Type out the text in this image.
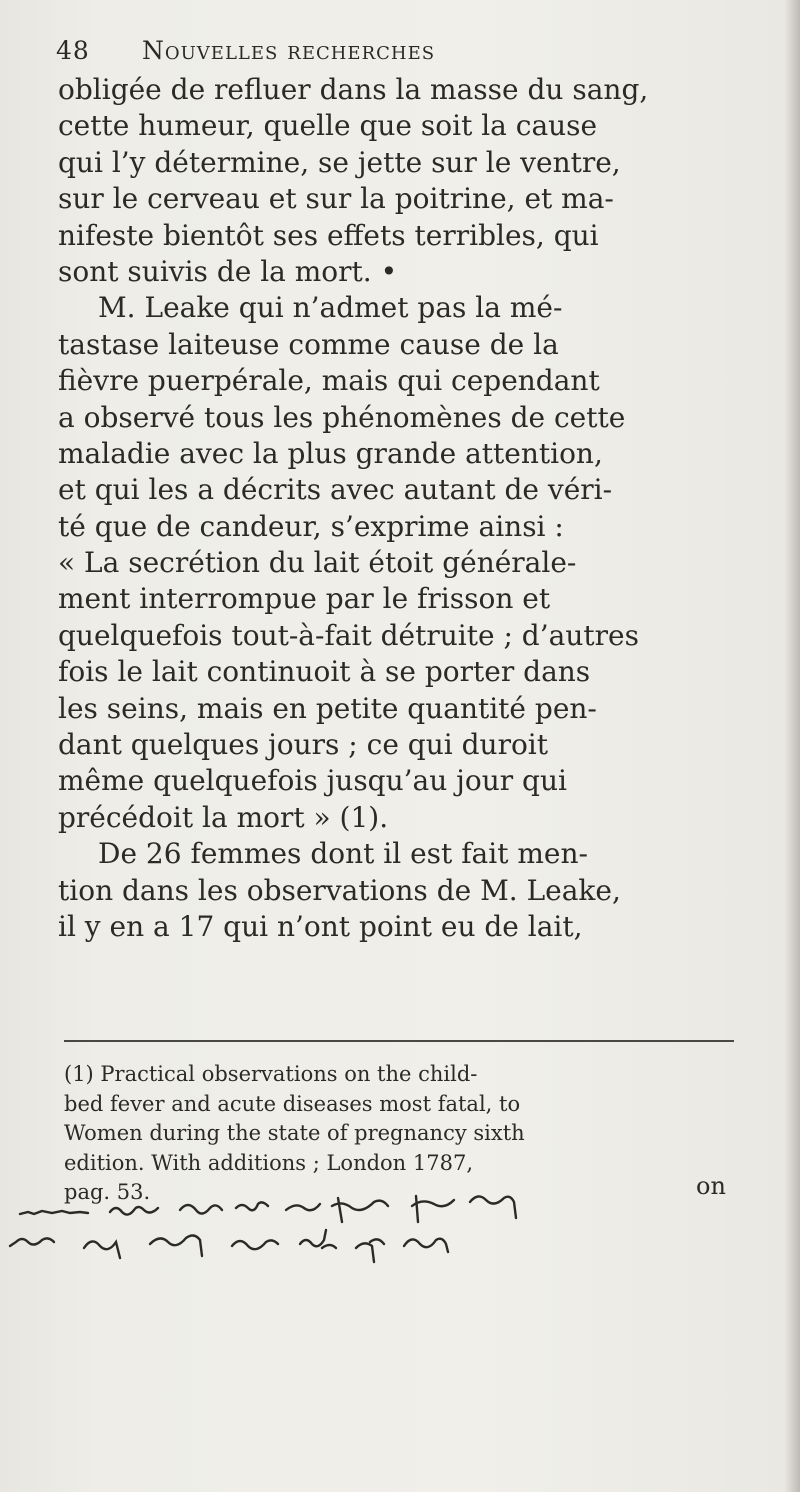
48 Nouvelles recherches
obligée de refluer dans la masse du sang,
cette humeur, quelle que soit la cause
qui l’y détermine, se jette sur le ventre,
sur le cerveau et sur la poitrine, et ma-
nifeste bientôt ses effets terribles, qui
sont suivis de la mort. •
M. Leake qui n’admet pas la mé-
tastase laiteuse comme cause de la
fièvre puerpérale, mais qui cependant
a observé tous les phénomènes de cette
maladie avec la plus grande attention,
et qui les a décrits avec autant de véri-
té que de candeur, s’exprime ainsi :
« La secrétion du lait étoit générale-
ment interrompue par le frisson et
quelquefois tout-à-fait détruite ; d’autres
fois le lait continuoit à se porter dans
les seins, mais en petite quantité pen-
dant quelques jours ; ce qui duroit
même quelquefois jusqu’au jour qui
précédoit la mort » (1).
De 26 femmes dont il est fait men-
tion dans les observations de M. Leake,
il y en a 17 qui n’ont point eu de lait,
(1) Practical observations on the child-
bed fever and acute diseases most fatal, to
Women during the state of pregnancy sixth
edition. With additions ; London 1787,
pag. 53.	on
